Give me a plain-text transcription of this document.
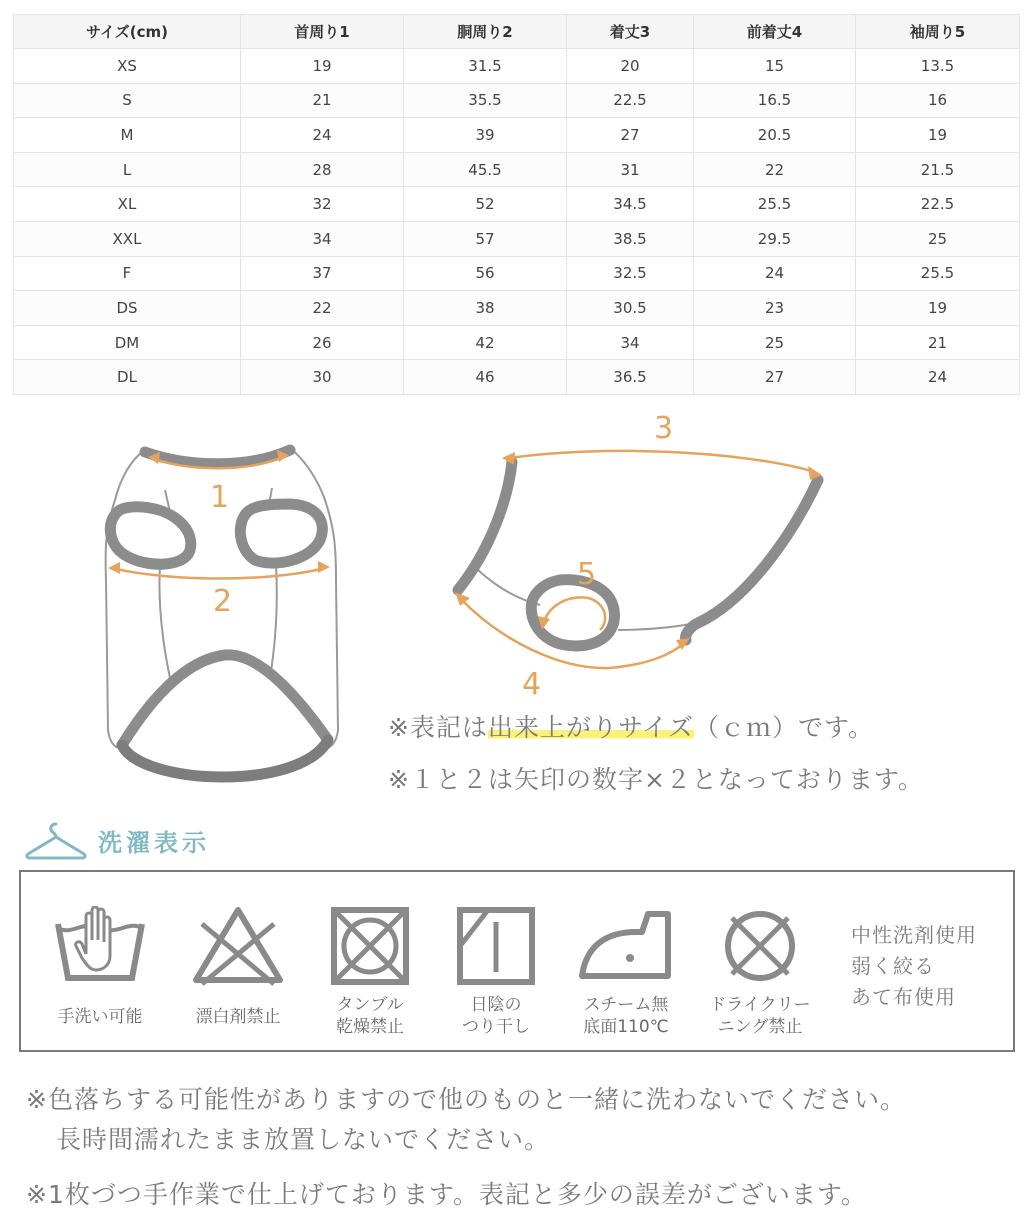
サイズ(cm)	首周り1	胴周り2	着丈3	前着丈4	袖周り5
XS	19	31.5	20	15	13.5
S	21	35.5	22.5	16.5	16
M	24	39	27	20.5	19
L	28	45.5	31	22	21.5
XL	32	52	34.5	25.5	22.5
XXL	34	57	38.5	29.5	25
F	37	56	32.5	24	25.5
DS	22	38	30.5	23	19
DM	26	42	34	25	21
DL	30	46	36.5	27	24
1
2
3
4
5
※表記は出来上がりサイズ（ｃｍ）です。
※１と２は矢印の数字×２となっております。
洗濯表示
手洗い可能	漂白剤禁止
タンブル
乾燥禁止
日陰の
つり干し
スチーム無
底面110℃
ドライクリー
ニング禁止
中性洗剤使用
弱く絞る
あて布使用
※色落ちする可能性がありますので他のものと一緒に洗わないでください。
長時間濡れたまま放置しないでください。
※1枚づつ手作業で仕上げております。表記と多少の誤差がございます。
